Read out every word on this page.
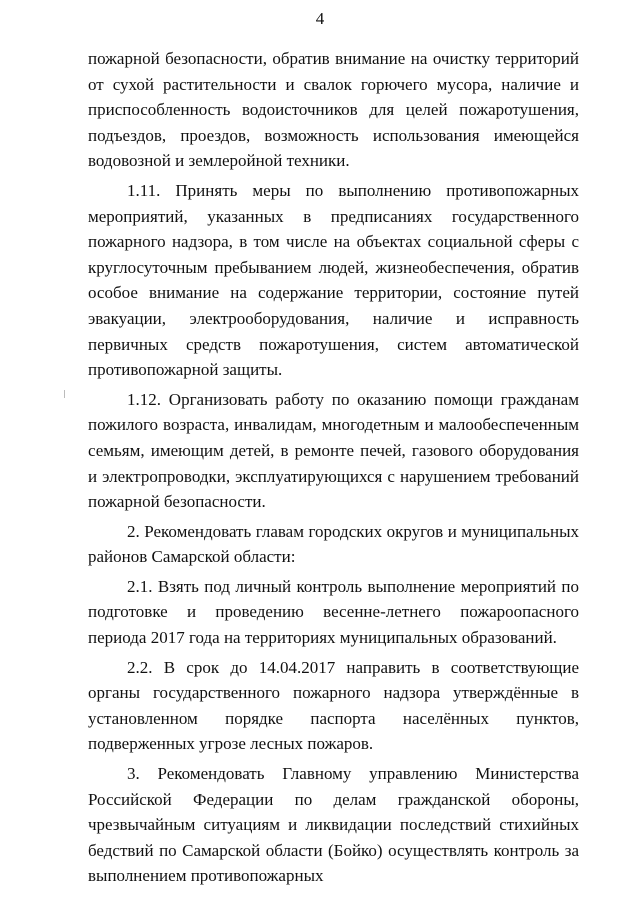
4

пожарной безопасности, обратив внимание на очистку территорий от сухой растительности и свалок горючего мусора, наличие и приспособленность водоисточников для целей пожаротушения, подъездов, проездов, возможность использования имеющейся водовозной и землеройной техники.

1.11. Принять меры по выполнению противопожарных мероприятий, указанных в предписаниях государственного пожарного надзора, в том числе на объектах социальной сферы с круглосуточным пребыванием людей, жизнеобеспечения, обратив особое внимание на содержание территории, состояние путей эвакуации, электрооборудования, наличие и исправность первичных средств пожаротушения, систем автоматической противопожарной защиты.

1.12. Организовать работу по оказанию помощи гражданам пожилого возраста, инвалидам, многодетным и малообеспеченным семьям, имеющим детей, в ремонте печей, газового оборудования и электропроводки, эксплуатирующихся с нарушением требований пожарной безопасности.

2. Рекомендовать главам городских округов и муниципальных районов Самарской области:

2.1. Взять под личный контроль выполнение мероприятий по подготовке и проведению весенне-летнего пожароопасного периода 2017 года на территориях муниципальных образований.

2.2. В срок до 14.04.2017 направить в соответствующие органы государственного пожарного надзора утверждённые в установленном порядке паспорта населённых пунктов, подверженных угрозе лесных пожаров.

3. Рекомендовать Главному управлению Министерства Российской Федерации по делам гражданской обороны, чрезвычайным ситуациям и ликвидации последствий стихийных бедствий по Самарской области (Бойко) осуществлять контроль за выполнением противопожарных
